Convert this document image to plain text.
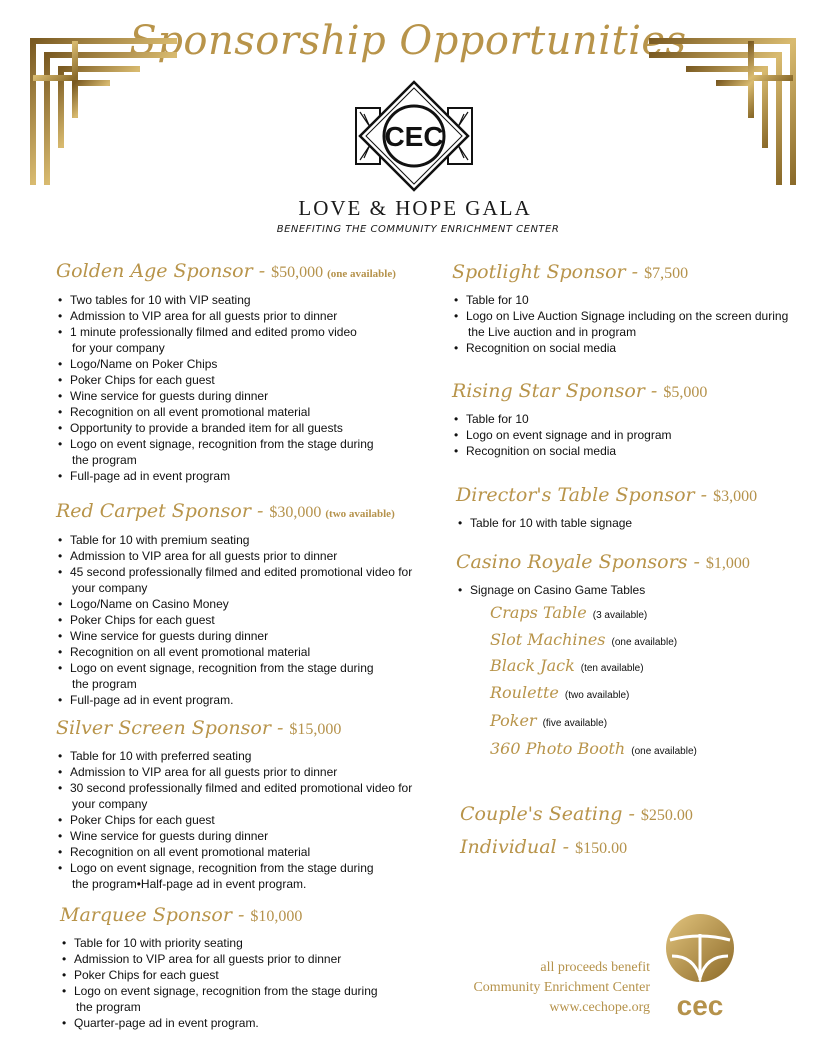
Sponsorship Opportunities
CEC
LOVE & HOPE GALA
BENEFITING THE COMMUNITY ENRICHMENT CENTER
Golden Age Sponsor - $50,000 (one available)
• Two tables for 10 with VIP seating
• Admission to VIP area for all guests prior to dinner
• 1 minute professionally filmed and edited promo video
for your company
• Logo/Name on Poker Chips
• Poker Chips for each guest
• Wine service for guests during dinner
• Recognition on all event promotional material
• Opportunity to provide a branded item for all guests
• Logo on event signage, recognition from the stage during
the program
• Full-page ad in event program
Red Carpet Sponsor - $30,000 (two available)
• Table for 10 with premium seating
• Admission to VIP area for all guests prior to dinner
• 45 second professionally filmed and edited promotional video for
your company
• Logo/Name on Casino Money
• Poker Chips for each guest
• Wine service for guests during dinner
• Recognition on all event promotional material
• Logo on event signage, recognition from the stage during
the program
• Full-page ad in event program.
Silver Screen Sponsor - $15,000
• Table for 10 with preferred seating
• Admission to VIP area for all guests prior to dinner
• 30 second professionally filmed and edited promotional video for
your company
• Poker Chips for each guest
• Wine service for guests during dinner
• Recognition on all event promotional material
• Logo on event signage, recognition from the stage during
the program•Half-page ad in event program.
Marquee Sponsor - $10,000
• Table for 10 with priority seating
• Admission to VIP area for all guests prior to dinner
• Poker Chips for each guest
• Logo on event signage, recognition from the stage during
the program
• Quarter-page ad in event program.
Spotlight Sponsor - $7,500
• Table for 10
• Logo on Live Auction Signage including on the screen during
the Live auction and in program
• Recognition on social media
Rising Star Sponsor - $5,000
• Table for 10
• Logo on event signage and in program
• Recognition on social media
Director's Table Sponsor - $3,000
• Table for 10 with table signage
Casino Royale Sponsors - $1,000
• Signage on Casino Game Tables
Craps Table (3 available)
Slot Machines (one available)
Black Jack (ten available)
Roulette (two available)
Poker (five available)
360 Photo Booth (one available)
Couple's Seating - $250.00
Individual - $150.00
all proceeds benefit
Community Enrichment Center
www.cechope.org cec
